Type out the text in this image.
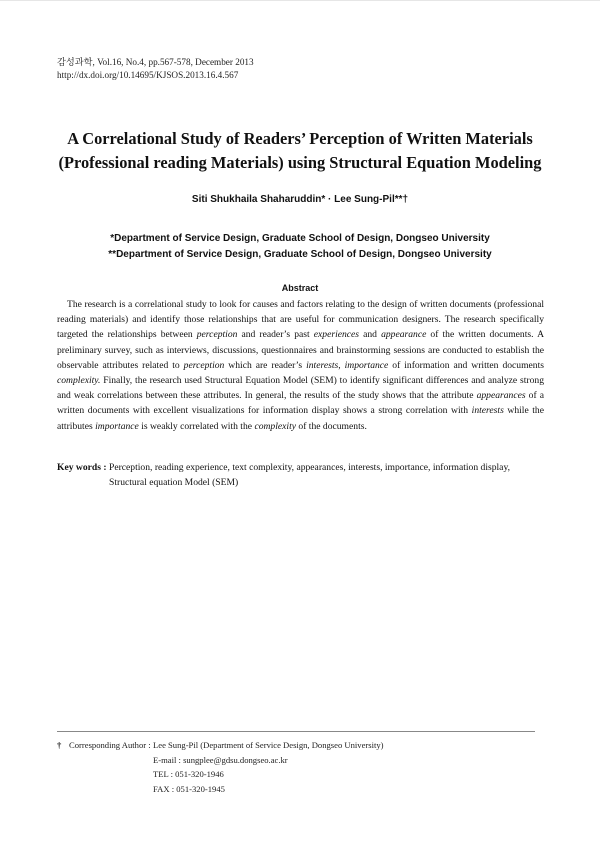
감성과학, Vol.16, No.4, pp.567-578, December 2013
http://dx.doi.org/10.14695/KJSOS.2013.16.4.567
A Correlational Study of Readers’ Perception of Written Materials
(Professional reading Materials) using Structural Equation Modeling
Siti Shukhaila Shaharuddin* · Lee Sung-Pil**†
*Department of Service Design, Graduate School of Design, Dongseo University
**Department of Service Design, Graduate School of Design, Dongseo University
Abstract

The research is a correlational study to look for causes and factors relating to the design of written documents (professional reading materials) and identify those relationships that are useful for communication designers. The research specifically targeted the relationships between perception and reader’s past experiences and appearance of the written documents. A preliminary survey, such as interviews, discussions, questionnaires and brainstorming sessions are conducted to establish the observable attributes related to perception which are reader’s interests, importance of information and written documents complexity. Finally, the research used Structural Equation Model (SEM) to identify significant differences and analyze strong and weak correlations between these attributes. In general, the results of the study shows that the attribute appearances of a written documents with excellent visualizations for information display shows a strong correlation with interests while the attributes importance is weakly correlated with the complexity of the documents.

Key words : Perception, reading experience, text complexity, appearances, interests, importance, information display, Structural equation Model (SEM)
† Corresponding Author : Lee Sung-Pil (Department of Service Design, Dongseo University)
E-mail : sungplee@gdsu.dongseo.ac.kr
TEL : 051-320-1946
FAX : 051-320-1945
